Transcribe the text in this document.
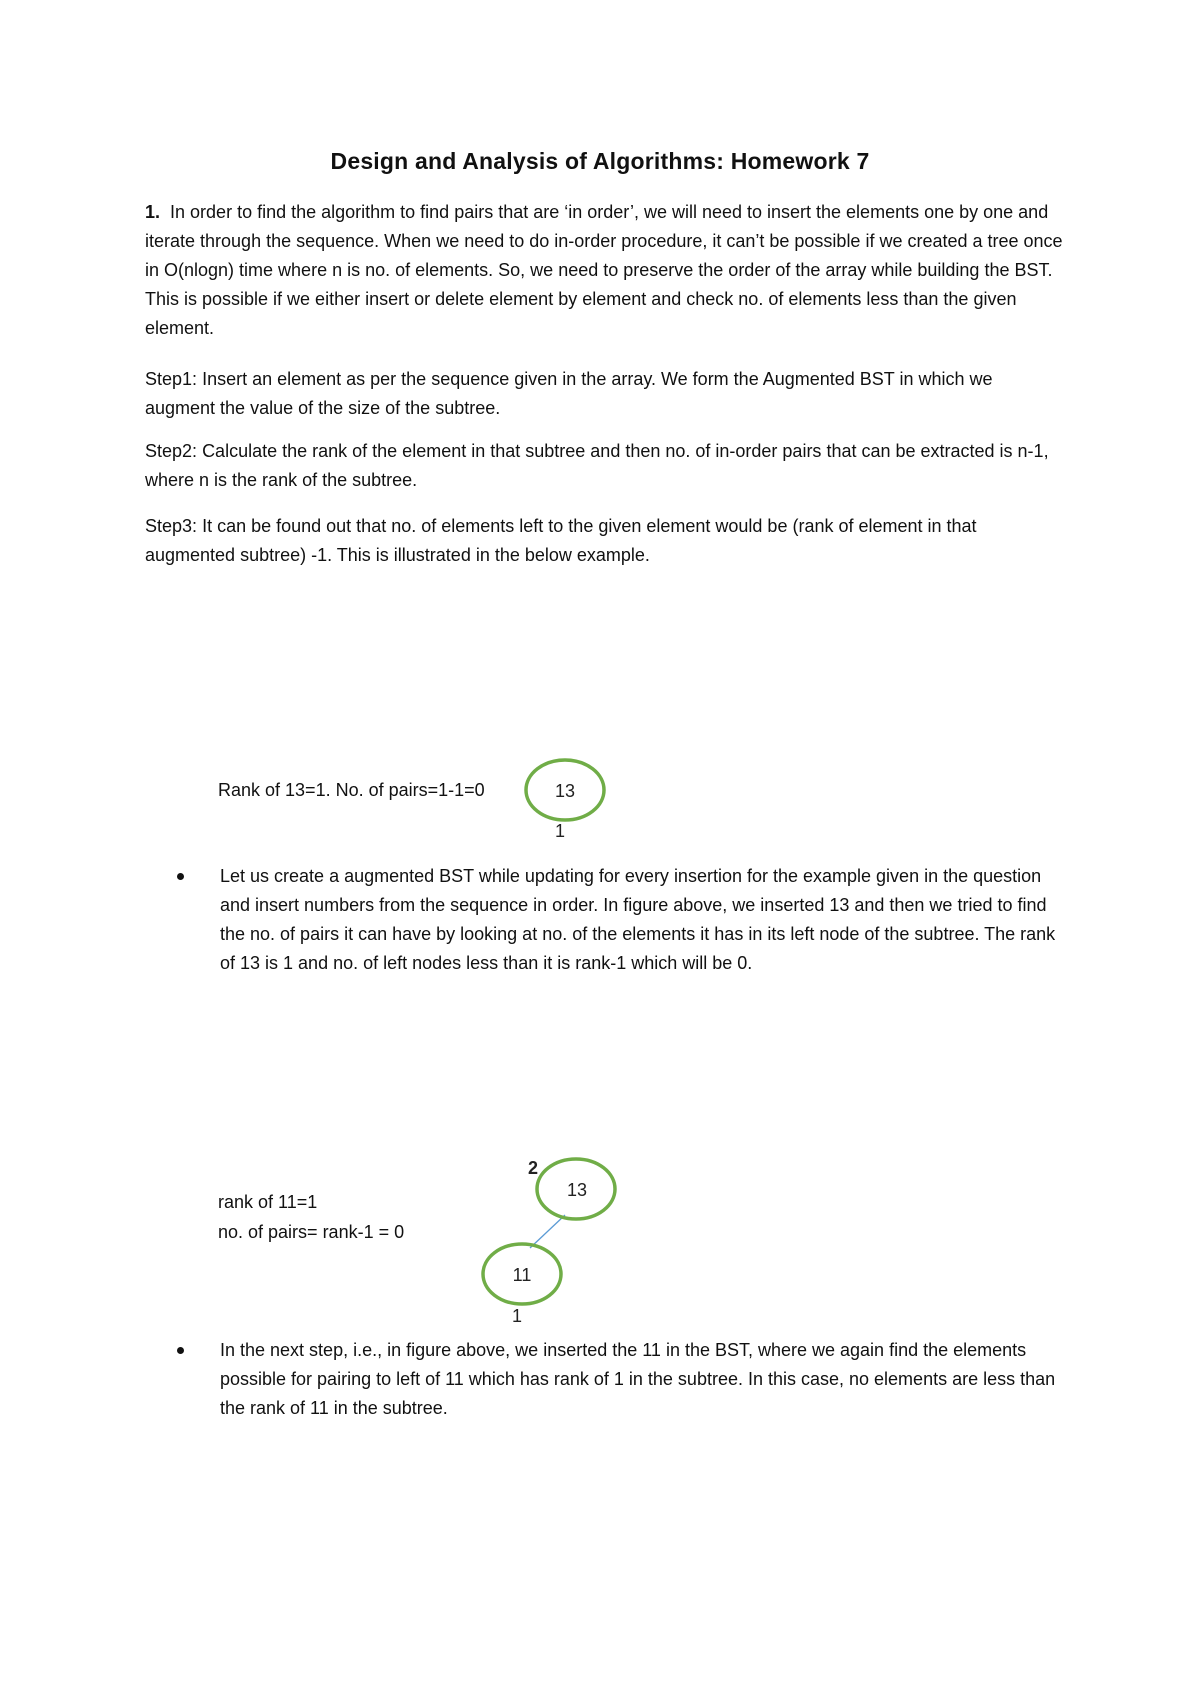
Design and Analysis of Algorithms: Homework 7

1. In order to find the algorithm to find pairs that are ‘in order’, we will need to insert the elements one by one and iterate through the sequence. When we need to do in-order procedure, it can’t be possible if we created a tree once in O(nlogn) time where n is no. of elements. So, we need to preserve the order of the array while building the BST. This is possible if we either insert or delete element by element and check no. of elements less than the given element.

Step1: Insert an element as per the sequence given in the array. We form the Augmented BST in which we augment the value of the size of the subtree.

Step2: Calculate the rank of the element in that subtree and then no. of in-order pairs that can be extracted is n-1, where n is the rank of the subtree.

Step3: It can be found out that no. of elements left to the given element would be (rank of element in that augmented subtree) -1. This is illustrated in the below example.

Rank of 13=1. No. of pairs=1-1=0	13
1

Let us create a augmented BST while updating for every insertion for the example given in the question and insert numbers from the sequence in order. In figure above, we inserted 13 and then we tried to find the no. of pairs it can have by looking at no. of the elements it has in its left node of the subtree. The rank of 13 is 1 and no. of left nodes less than it is rank-1 which will be 0.

rank of 11=1
no. of pairs= rank-1 = 0
13
2
11
1

In the next step, i.e., in figure above, we inserted the 11 in the BST, where we again find the elements possible for pairing to left of 11 which has rank of 1 in the subtree. In this case, no elements are less than the rank of 11 in the subtree.
